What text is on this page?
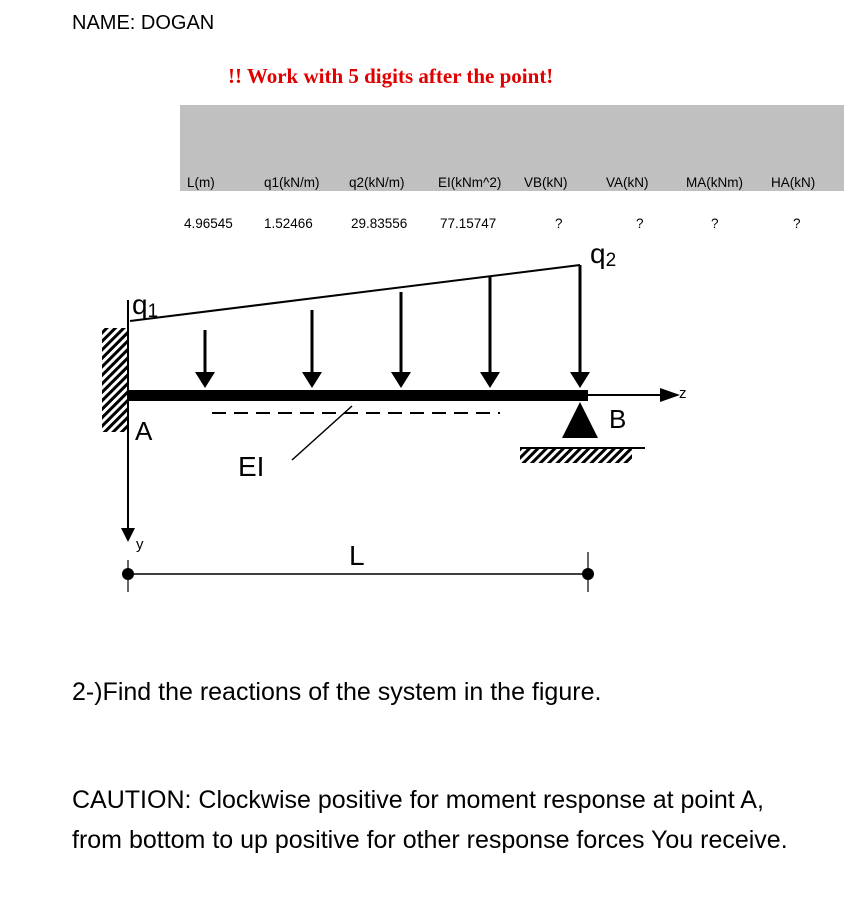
NAME: DOGAN
!! Work with 5 digits after the point!
L(m)	q1(kN/m) q2(kN/m) EI(kNm^2) VB(kN)	VA(kN)	MA(kNm) HA(kN)
4.96545 1.52466	29.83556 77.15747	?	?	?	?
q1
q2
A	B
EI
L
z
y
2-)Find the reactions of the system in the figure.
CAUTION: Clockwise positive for moment response at point A, from bottom to up positive for other response forces You receive.
